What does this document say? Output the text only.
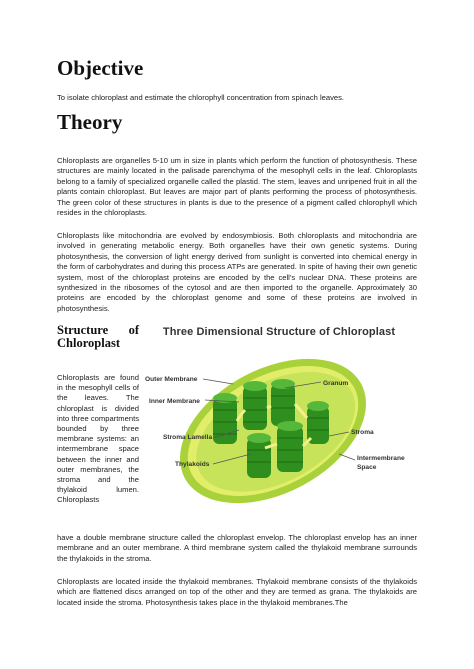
Objective

To isolate chloroplast and estimate the chlorophyll concentration from spinach leaves.

Theory

Chloroplasts are organelles 5-10 um in size in plants which perform the function of photosynthesis. These structures are mainly located in the palisade parenchyma of the mesophyll cells in the leaf. Chloroplasts belong to a family of specialized organelle called the plastid. The stem, leaves and unripened fruit in all the plants contain chloroplast. But leaves are major part of plants performing the process of photosynthesis. The green color of these structures in plants is due to the presence of a pigment called chlorophyll which resides in the chloroplasts.

Chloroplasts like mitochondria are evolved by endosymbiosis. Both chloroplasts and mitochondria are involved in generating metabolic energy. Both organelles have their own genetic systems. During photosynthesis, the conversion of light energy derived from sunlight is converted into chemical energy in the form of carbohydrates and during this process ATPs are generated. In spite of having their own genetic system, most of the chloroplast proteins are encoded by the cell’s nuclear DNA. These proteins are synthesized in the ribosomes of the cytosol and are then imported to the organelle. Approximately 30 proteins are encoded by the chloroplast genome and some of these proteins are involved in photosynthesis.

Structure of Chloroplast

Chloroplasts are found in the mesophyll cells of the leaves. The chloroplast is divided into three compartments bounded by three membrane systems: an intermembrane space between the inner and outer membranes, the stroma and the thylakoid lumen. Chloroplasts

Three Dimensional Structure of Chloroplast
Outer Membrane
Inner Membrane
Stroma Lamella
Thylakoids
Granum
Stroma
Intermembrane
Space

have a double membrane structure called the chloroplast envelop. The chloroplast envelop has an inner membrane and an outer membrane. A third membrane system called the thylakoid membrane surrounds the thylakoids in the stroma.

Chloroplasts are located inside the thylakoid membranes. Thylakoid membrane consists of the thylakoids which are flattened discs arranged on top of the other and they are termed as grana. The thylakoids are located inside the stroma. Photosynthesis takes place in the thylakoid membranes.The
